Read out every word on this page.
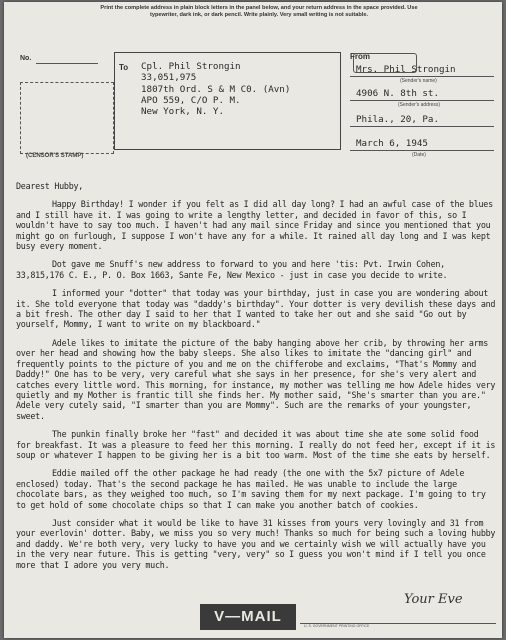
Print the complete address in plain block letters in the panel below, and your return address in the space provided. Use typewriter, dark ink, or dark pencil. Write plainly. Very small writing is not suitable.
No.
(CENSOR'S STAMP)
To Cpl. Phil Strongin
33,051,975
1807th Ord. S & M C0. (Avn)
APO 559, C/O P. M.
New York, N. Y.
From
Mrs. Phil Strongin
(Sender's name)
4906 N. 8th st.
(Sender's address)
Phila., 20, Pa.
March 6, 1945
(Date)

Dearest Hubby,

Happy Birthday! I wonder if you felt as I did all day long? I had an awful case of the blues and I still have it. I was going to write a lengthy letter, and decided in favor of this, so I wouldn't have to say too much. I haven't had any mail since Friday and since you mentioned that you might go on furlough, I suppose I won't have any for a while. It rained all day long and I was kept busy every moment.

Dot gave me Snuff's new address to forward to you and here 'tis: Pvt. Irwin Cohen, 33,815,176 C. E., P. O. Box 1663, Sante Fe, New Mexico - just in case you decide to write.

I informed your "dotter" that today was your birthday, just in case you are wondering about it. She told everyone that today was "daddy's birthday". Your dotter is very devilish these days and a bit fresh. The other day I said to her that I wanted to take her out and she said "Go out by yourself, Mommy, I want to write on my blackboard."

Adele likes to imitate the picture of the baby hanging above her crib, by throwing her arms over her head and showing how the baby sleeps. She also likes to imitate the "dancing girl" and frequently points to the picture of you and me on the chifferobe and exclaims, "That's Mommy and Daddy!" One has to be very, very careful what she says in her presence, for she's very alert and catches every little word. This morning, for instance, my mother was telling me how Adele hides very quietly and my Mother is frantic till she finds her. My mother said, "She's smarter than you are." Adele very cutely said, "I smarter than you are Mommy". Such are the remarks of your youngster, sweet.

The punkin finally broke her "fast" and decided it was about time she ate some solid food for breakfast. It was a pleasure to feed her this morning. I really do not feed her, except if it is soup or whatever I happen to be giving her is a bit too warm. Most of the time she eats by herself.

Eddie mailed off the other package he had ready (the one with the 5x7 picture of Adele enclosed) today. That's the second package he has mailed. He was unable to include the large chocolate bars, as they weighed too much, so I'm saving them for my next package. I'm going to try to get hold of some chocolate chips so that I can make you another batch of cookies.

Just consider what it would be like to have 31 kisses from yours very lovingly and 31 from your everlovin' dotter. Baby, we miss you so very much! Thanks so much for being such a loving hubby and daddy. We're both very, very lucky to have you and we certainly wish we will actually have you in the very near future. This is getting "very, very" so I guess you won't mind if I tell you once more that I adore you very much.

Your Eve
V—MAIL
U. S. GOVERNMENT PRINTING OFFICE
